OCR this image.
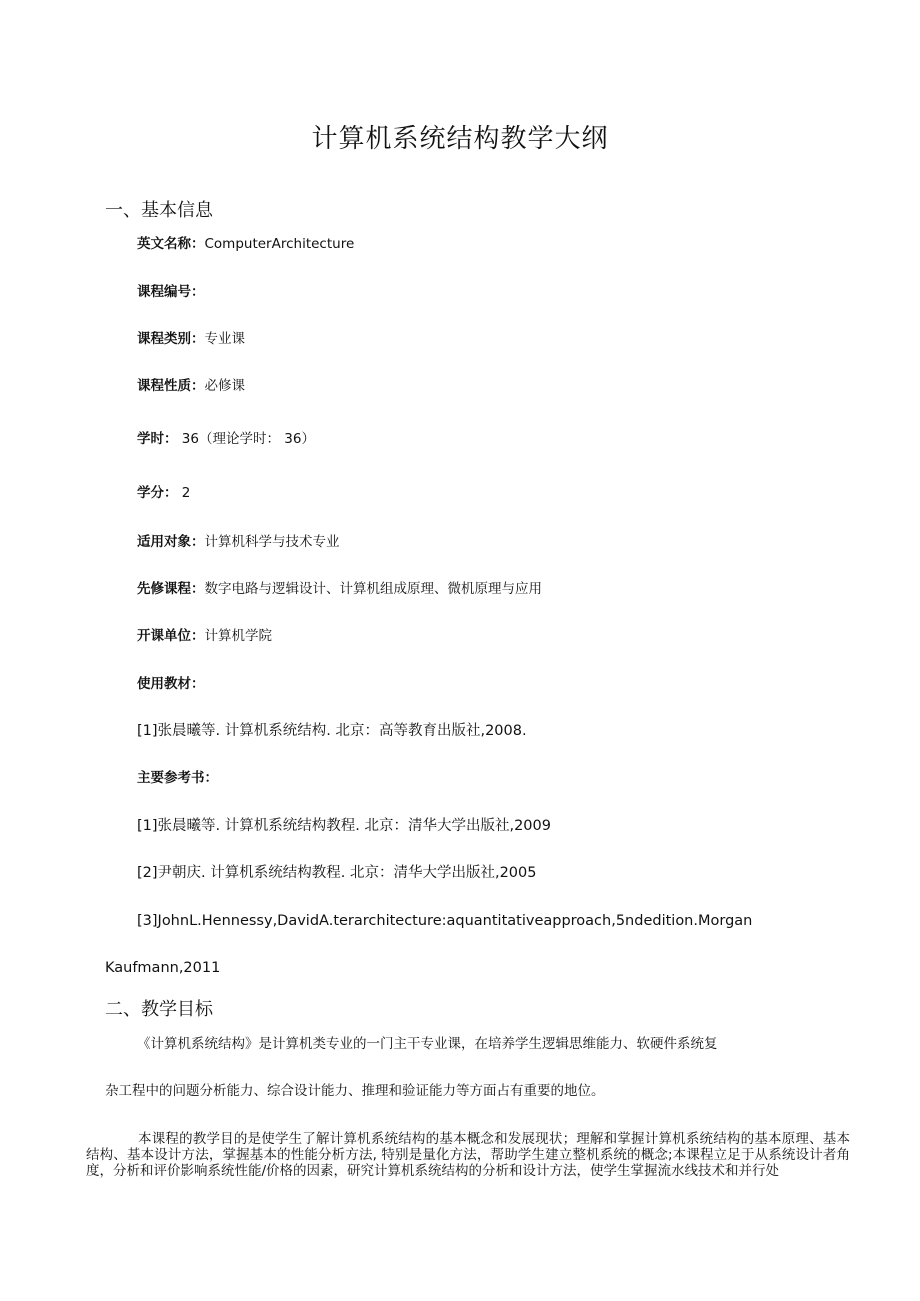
计算机系统结构教学大纲
一、基本信息
英文名称：ComputerArchitecture
课程编号：
课程类别：专业课
课程性质：必修课
学时： 36（理论学时： 36）
学分： 2
适用对象：计算机科学与技术专业
先修课程：数字电路与逻辑设计、计算机组成原理、微机原理与应用
开课单位：计算机学院
使用教材：
[1]张晨曦等. 计算机系统结构. 北京：高等教育出版社,2008.
主要参考书：
[1]张晨曦等. 计算机系统结构教程. 北京：清华大学出版社,2009
[2]尹朝庆. 计算机系统结构教程. 北京：清华大学出版社,2005
[3]JohnL.Hennessy,DavidA.terarchitecture:aquantitativeapproach,5ndedition.Morgan
Kaufmann,2011
二、教学目标
《计算机系统结构》是计算机类专业的一门主干专业课，在培养学生逻辑思维能力、软硬件系统复
杂工程中的问题分析能力、综合设计能力、推理和验证能力等方面占有重要的地位。

本课程的教学目的是使学生了解计算机系统结构的基本概念和发展现状；理解和掌握计算机系统结构的基本原理、基本结构、基本设计方法，掌握基本的性能分析方法, 特别是量化方法，帮助学生建立整机系统的概念;本课程立足于从系统设计者角度，分析和评价影响系统性能/价格的因素，研究计算机系统结构的分析和设计方法，使学生掌握流水线技术和并行处
